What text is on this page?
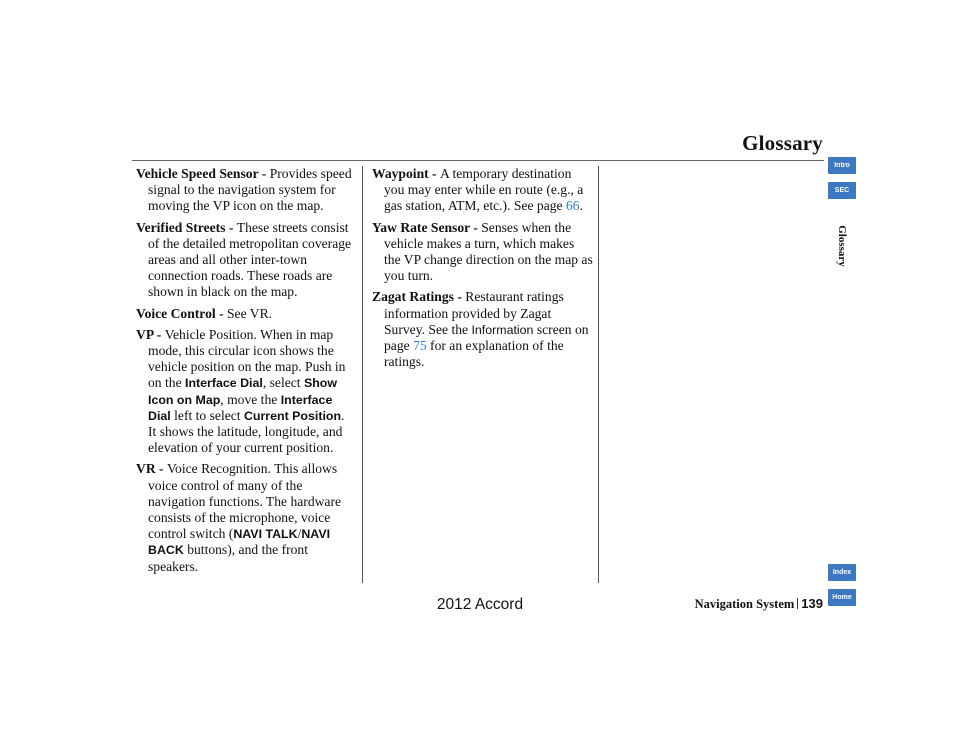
Glossary

Vehicle Speed Sensor - Provides speed signal to the navigation system for moving the VP icon on the map.

Verified Streets - These streets consist of the detailed metropolitan coverage areas and all other inter-town connection roads. These roads are shown in black on the map.

Voice Control - See VR.

VP - Vehicle Position. When in map mode, this circular icon shows the vehicle position on the map. Push in on the Interface Dial, select Show Icon on Map, move the Interface Dial left to select Current Position. It shows the latitude, longitude, and elevation of your current position.

VR - Voice Recognition. This allows voice control of many of the navigation functions. The hardware consists of the microphone, voice control switch (NAVI TALK/NAVI BACK buttons), and the front speakers.

Waypoint - A temporary destination you may enter while en route (e.g., a gas station, ATM, etc.). See page 66.

Yaw Rate Sensor - Senses when the vehicle makes a turn, which makes the VP change direction on the map as you turn.

Zagat Ratings - Restaurant ratings information provided by Zagat Survey. See the Information screen on page 75 for an explanation of the ratings.

Intro
SEC
Glossary
Index
Home
Navigation System 139
2012 Accord
